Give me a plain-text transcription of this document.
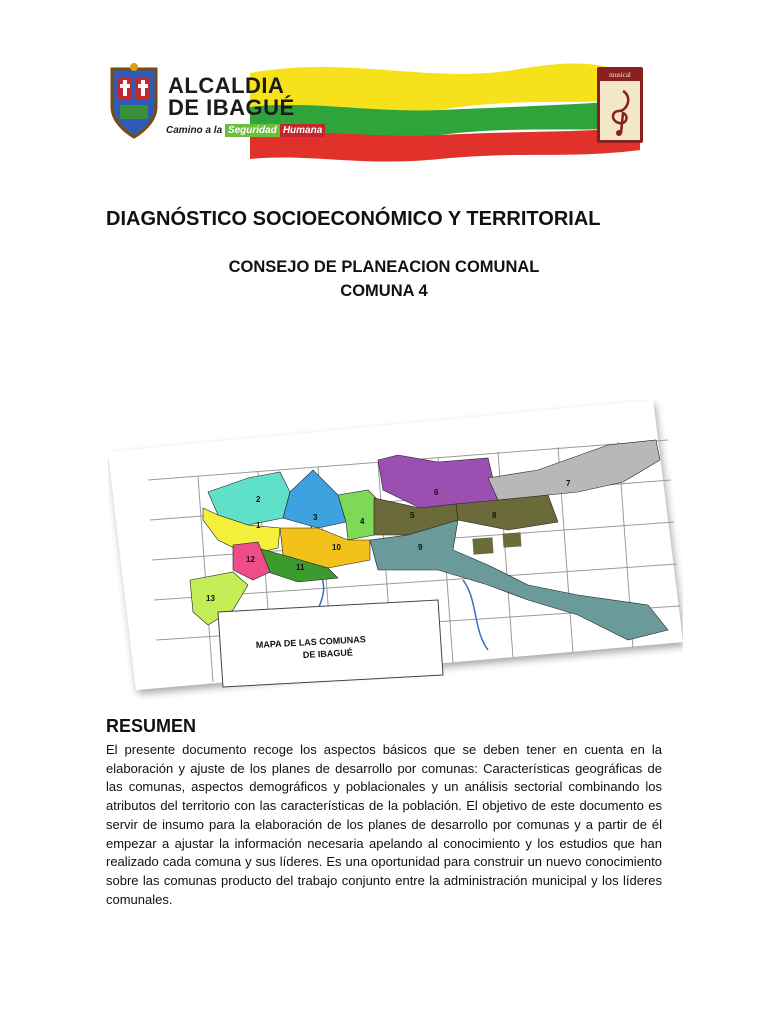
ALCALDIA
DE IBAGUÉ
Camino a la Seguridad Humana
musical
DIAGNÓSTICO SOCIOECONÓMICO Y TERRITORIAL
CONSEJO DE PLANEACION COMUNAL
COMUNA 4
2
1
3	4
6
5	8
7
9
10
11
12
13
MAPA DE LAS COMUNAS
DE IBAGUÉ
RESUMEN
El presente documento recoge los aspectos básicos que se deben tener en cuenta en la elaboración y ajuste de los planes de desarrollo por comunas: Características geográficas de las comunas, aspectos demográficos y poblacionales y un análisis sectorial combinando los atributos del territorio con las características de la población. El objetivo de este documento es servir de insumo para la elaboración de los planes de desarrollo por comunas y a partir de él empezar a ajustar la información necesaria apelando al conocimiento y los estudios que han realizado cada comuna y sus líderes. Es una oportunidad para construir un nuevo conocimiento sobre las comunas producto del trabajo conjunto entre la administración municipal y los líderes comunales.
